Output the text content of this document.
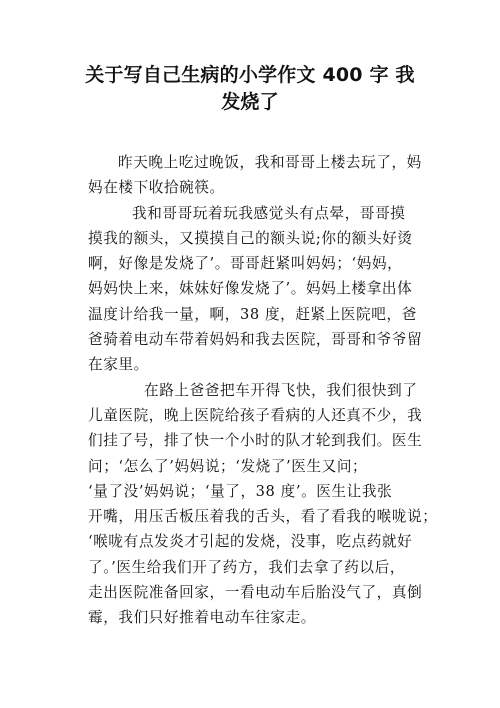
关于写自己生病的小学作文 400 字 我
发烧了

昨天晚上吃过晚饭，我和哥哥上楼去玩了，妈
妈在楼下收拾碗筷。

我和哥哥玩着玩我感觉头有点晕，哥哥摸
摸我的额头，又摸摸自己的额头说;你的额头好烫
啊，好像是发烧了’。哥哥赶紧叫妈妈；‘妈妈，
妈妈快上来，妹妹好像发烧了’。妈妈上楼拿出体
温度计给我一量，啊，38 度，赶紧上医院吧，爸
爸骑着电动车带着妈妈和我去医院，哥哥和爷爷留
在家里。

在路上爸爸把车开得飞快，我们很快到了
儿童医院，晚上医院给孩子看病的人还真不少，我
们挂了号，排了快一个小时的队才轮到我们。医生
问；‘怎么了’妈妈说；‘发烧了’医生又问；
‘量了没’妈妈说；‘量了，38 度’。医生让我张
开嘴，用压舌板压着我的舌头，看了看我的喉咙说；
‘喉咙有点发炎才引起的发烧，没事，吃点药就好
了。’医生给我们开了药方，我们去拿了药以后，
走出医院准备回家，一看电动车后胎没气了，真倒
霉，我们只好推着电动车往家走。
